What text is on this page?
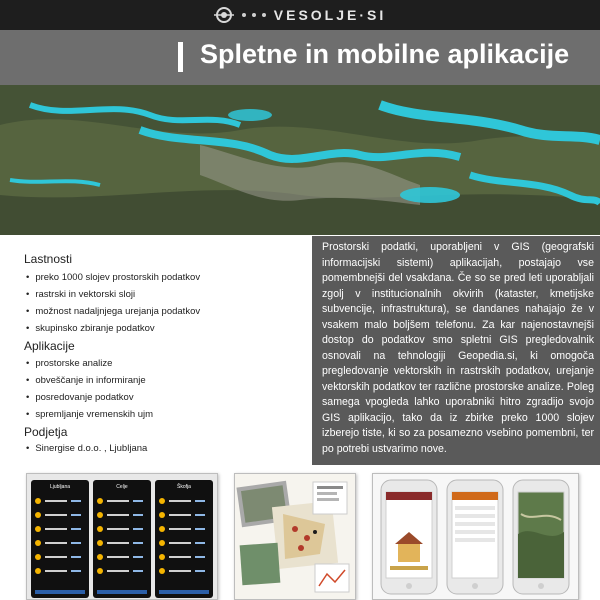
VESOLJE·SI
Spletne in mobilne aplikacije
Lastnosti
• preko 1000 slojev prostorskih podatkov
• rastrski in vektorski sloji
• možnost nadaljnjega urejanja podatkov
• skupinsko zbiranje podatkov
Aplikacije
• prostorske analize
• obveščanje in informiranje
• posredovanje podatkov
• spremljanje vremenskih ujm
Podjetja
• Sinergise d.o.o. , Ljubljana
Prostorski podatki, uporabljeni v GIS (geografski informacijski sistemi) aplikacijah, postajajo vse pomembnejši del vsakdana. Če so se pred leti uporabljali zgolj v institucionalnih okvirih (kataster, kmetijske subvencije, infrastruktura), se dandanes nahajajo že v vsakem malo boljšem telefonu. Za kar najenostavnejši dostop do podatkov smo spletni GIS pregledovalnik osnovali na tehnologiji Geopedia.si, ki omogoča pregledovanje vektorskih in rastrskih podatkov, urejanje vektorskih podatkov ter različne prostorske analize. Poleg samega vpogleda lahko uporabniki hitro zgradijo svojo GIS aplikacijo, tako da iz zbirke preko 1000 slojev izberejo tiste, ki so za posamezno vsebino pomembni, ter po potrebi ustvarimo nove.
Ljubljana	Celje	Škofja
